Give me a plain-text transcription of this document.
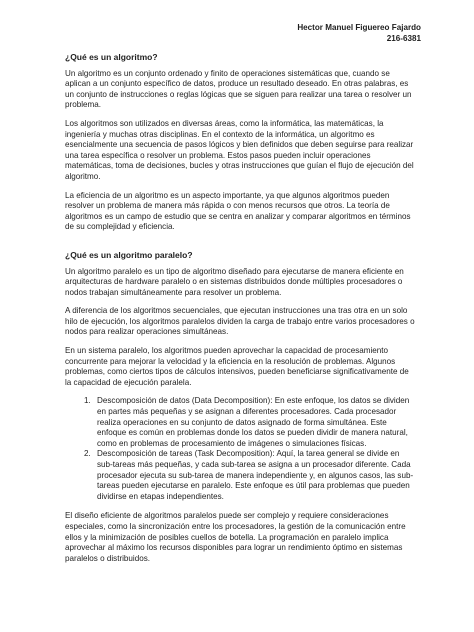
Hector Manuel Figuereo Fajardo
216-6381
¿Qué es un algoritmo?

Un algoritmo es un conjunto ordenado y finito de operaciones sistemáticas que, cuando se aplican a un conjunto específico de datos, produce un resultado deseado. En otras palabras, es un conjunto de instrucciones o reglas lógicas que se siguen para realizar una tarea o resolver un problema.

Los algoritmos son utilizados en diversas áreas, como la informática, las matemáticas, la ingeniería y muchas otras disciplinas. En el contexto de la informática, un algoritmo es esencialmente una secuencia de pasos lógicos y bien definidos que deben seguirse para realizar una tarea específica o resolver un problema. Estos pasos pueden incluir operaciones matemáticas, toma de decisiones, bucles y otras instrucciones que guían el flujo de ejecución del algoritmo.

La eficiencia de un algoritmo es un aspecto importante, ya que algunos algoritmos pueden resolver un problema de manera más rápida o con menos recursos que otros. La teoría de algoritmos es un campo de estudio que se centra en analizar y comparar algoritmos en términos de su complejidad y eficiencia.

¿Qué es un algoritmo paralelo?

Un algoritmo paralelo es un tipo de algoritmo diseñado para ejecutarse de manera eficiente en arquitecturas de hardware paralelo o en sistemas distribuidos donde múltiples procesadores o nodos trabajan simultáneamente para resolver un problema.

A diferencia de los algoritmos secuenciales, que ejecutan instrucciones una tras otra en un solo hilo de ejecución, los algoritmos paralelos dividen la carga de trabajo entre varios procesadores o nodos para realizar operaciones simultáneas.

En un sistema paralelo, los algoritmos pueden aprovechar la capacidad de procesamiento concurrente para mejorar la velocidad y la eficiencia en la resolución de problemas. Algunos problemas, como ciertos tipos de cálculos intensivos, pueden beneficiarse significativamente de la capacidad de ejecución paralela.

1. Descomposición de datos (Data Decomposition): En este enfoque, los datos se dividen en partes más pequeñas y se asignan a diferentes procesadores. Cada procesador realiza operaciones en su conjunto de datos asignado de forma simultánea. Este enfoque es común en problemas donde los datos se pueden dividir de manera natural, como en problemas de procesamiento de imágenes o simulaciones físicas.
2. Descomposición de tareas (Task Decomposition): Aquí, la tarea general se divide en sub-tareas más pequeñas, y cada sub-tarea se asigna a un procesador diferente. Cada procesador ejecuta su sub-tarea de manera independiente y, en algunos casos, las sub-tareas pueden ejecutarse en paralelo. Este enfoque es útil para problemas que pueden dividirse en etapas independientes.

El diseño eficiente de algoritmos paralelos puede ser complejo y requiere consideraciones especiales, como la sincronización entre los procesadores, la gestión de la comunicación entre ellos y la minimización de posibles cuellos de botella. La programación en paralelo implica aprovechar al máximo los recursos disponibles para lograr un rendimiento óptimo en sistemas paralelos o distribuidos.
